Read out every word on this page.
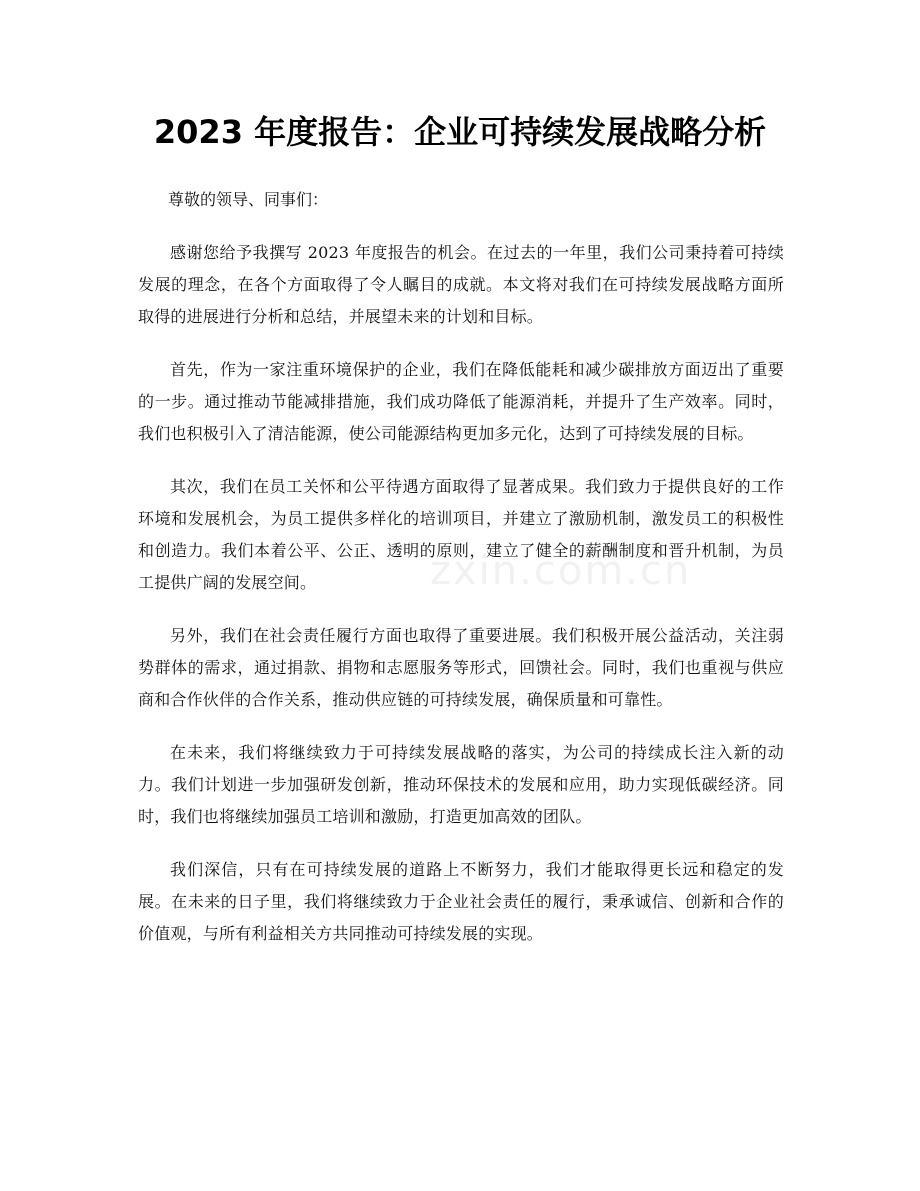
2023 年度报告：企业可持续发展战略分析
zxin.com.cn

尊敬的领导、同事们：

感谢您给予我撰写 2023 年度报告的机会。在过去的一年里，我们公司秉持着可持续发展的理念，在各个方面取得了令人瞩目的成就。本文将对我们在可持续发展战略方面所取得的进展进行分析和总结，并展望未来的计划和目标。

首先，作为一家注重环境保护的企业，我们在降低能耗和减少碳排放方面迈出了重要的一步。通过推动节能减排措施，我们成功降低了能源消耗，并提升了生产效率。同时，我们也积极引入了清洁能源，使公司能源结构更加多元化，达到了可持续发展的目标。

其次，我们在员工关怀和公平待遇方面取得了显著成果。我们致力于提供良好的工作环境和发展机会，为员工提供多样化的培训项目，并建立了激励机制，激发员工的积极性和创造力。我们本着公平、公正、透明的原则，建立了健全的薪酬制度和晋升机制，为员工提供广阔的发展空间。

另外，我们在社会责任履行方面也取得了重要进展。我们积极开展公益活动，关注弱势群体的需求，通过捐款、捐物和志愿服务等形式，回馈社会。同时，我们也重视与供应商和合作伙伴的合作关系，推动供应链的可持续发展，确保质量和可靠性。

在未来，我们将继续致力于可持续发展战略的落实，为公司的持续成长注入新的动力。我们计划进一步加强研发创新，推动环保技术的发展和应用，助力实现低碳经济。同时，我们也将继续加强员工培训和激励，打造更加高效的团队。

我们深信，只有在可持续发展的道路上不断努力，我们才能取得更长远和稳定的发展。在未来的日子里，我们将继续致力于企业社会责任的履行，秉承诚信、创新和合作的价值观，与所有利益相关方共同推动可持续发展的实现。
